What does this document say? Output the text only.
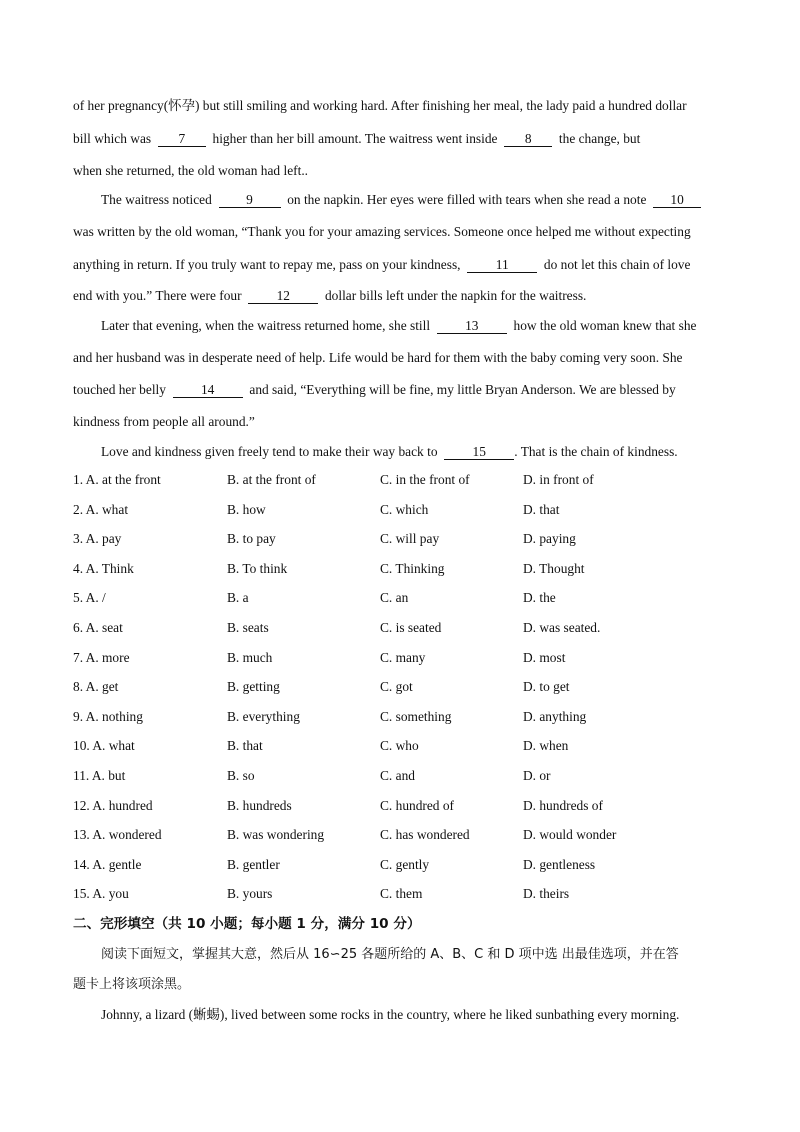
of her pregnancy(怀孕) but still smiling and working hard. After finishing her meal, the lady paid a hundred dollar
bill which was 7 higher than her bill amount. The waitress went inside 8 the change, but
when she returned, the old woman had left..
The waitress noticed	9	on the napkin. Her eyes were filled with tears when she read a note 10
was written by the old woman, “Thank you for your amazing services. Someone once helped me without expecting
anything in return. If you truly want to repay me, pass on your kindness,	11	do not let this chain of love
end with you.” There were four	12	dollar bills left under the napkin for the waitress.
Later that evening, when the waitress returned home, she still	13	how the old woman knew that she
and her husband was in desperate need of help. Life would be hard for them with the baby coming very soon. She
touched her belly	14	and said, “Everything will be fine, my little Bryan Anderson. We are blessed by
kindness from people all around.”
Love and kindness given freely tend to make their way back to	15 . That is the chain of kindness.
1. A. at the front	B. at the front of	C. in the front of	D. in front of
2. A. what	B. how	C. which	D. that
3. A. pay	B. to pay	C. will pay	D. paying
4. A. Think	B. To think	C. Thinking	D. Thought
5. A. /	B. a	C. an	D. the
6. A. seat	B. seats	C. is seated	D. was seated.
7. A. more	B. much	C. many	D. most
8. A. get	B. getting	C. got	D. to get
9. A. nothing	B. everything	C. something	D. anything
10. A. what	B. that	C. who	D. when
11. A. but	B. so	C. and	D. or
12. A. hundred	B. hundreds	C. hundred of	D. hundreds of
13. A. wondered	B. was wondering	C. has wondered	D. would wonder
14. A. gentle	B. gentler	C. gently	D. gentleness
15. A. you	B. yours	C. them	D. theirs
二、完形填空（共 10 小题；每小题 1 分，满分 10 分）
阅读下面短文，掌握其大意，然后从 16∽25 各题所给的 A、B、C 和 D 项中选 出最佳选项，并在答
题卡上将该项涂黑。
Johnny, a lizard (蜥蜴), lived between some rocks in the country, where he liked sunbathing every morning.
